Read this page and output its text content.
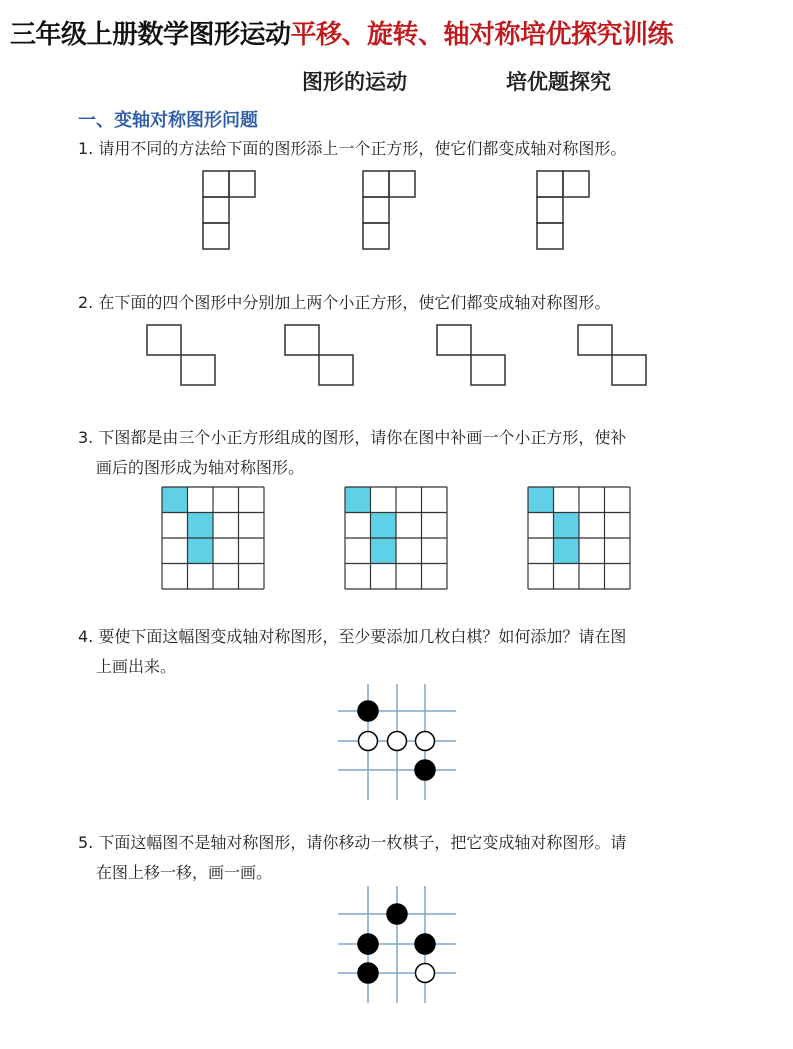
三年级上册数学图形运动平移、旋转、轴对称培优探究训练
图形的运动	培优题探究
一、变轴对称图形问题
1. 请用不同的方法给下面的图形添上一个正方形，使它们都变成轴对称图形。
2. 在下面的四个图形中分别加上两个小正方形，使它们都变成轴对称图形。
3. 下图都是由三个小正方形组成的图形，请你在图中补画一个小正方形，使补
画后的图形成为轴对称图形。
4. 要使下面这幅图变成轴对称图形，至少要添加几枚白棋？如何添加？请在图
上画出来。
5. 下面这幅图不是轴对称图形，请你移动一枚棋子，把它变成轴对称图形。请
在图上移一移，画一画。
